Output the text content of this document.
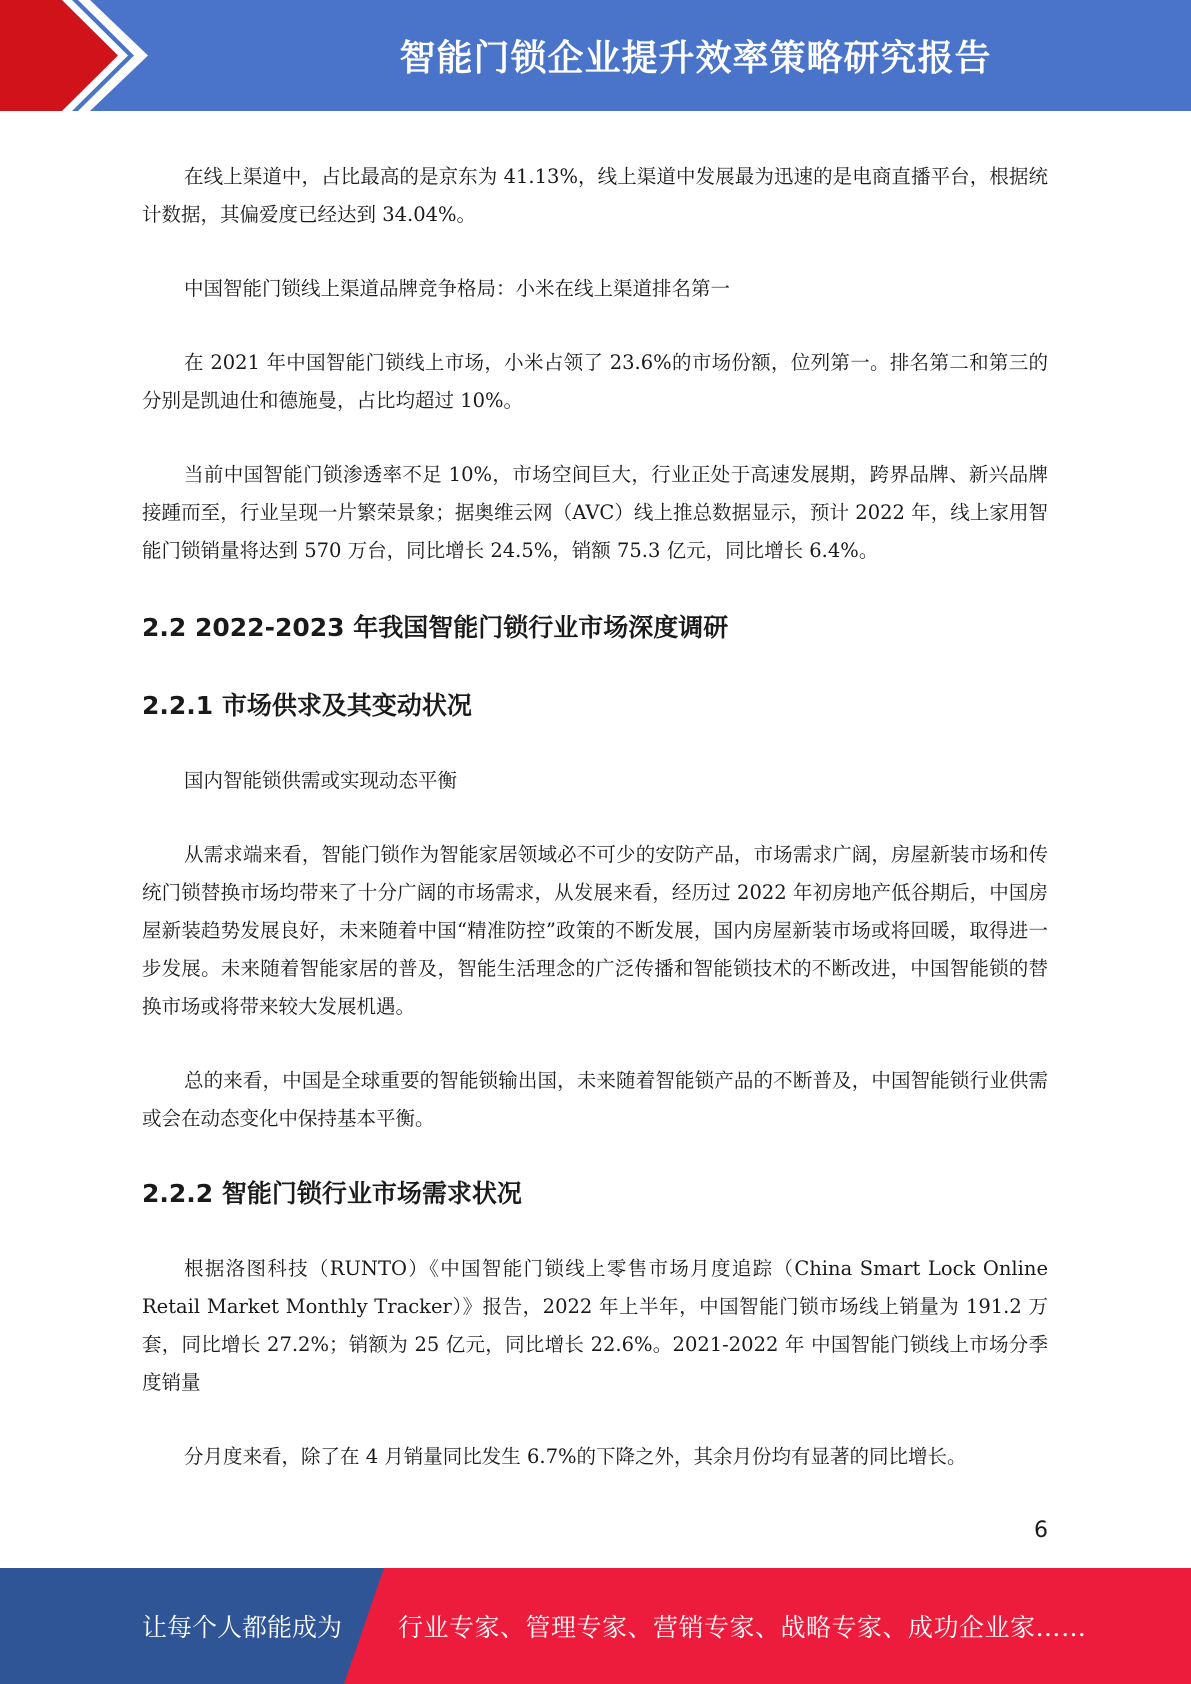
智能门锁企业提升效率策略研究报告

在线上渠道中，占比最高的是京东为 41.13%，线上渠道中发展最为迅速的是电商直播平台，根据统计数据，其偏爱度已经达到 34.04%。

中国智能门锁线上渠道品牌竞争格局：小米在线上渠道排名第一

在 2021 年中国智能门锁线上市场，小米占领了 23.6%的市场份额，位列第一。排名第二和第三的分别是凯迪仕和德施曼，占比均超过 10%。

当前中国智能门锁渗透率不足 10%，市场空间巨大，行业正处于高速发展期，跨界品牌、新兴品牌接踵而至，行业呈现一片繁荣景象；据奥维云网（AVC）线上推总数据显示，预计 2022 年，线上家用智能门锁销量将达到 570 万台，同比增长 24.5%，销额 75.3 亿元，同比增长 6.4%。

2.2 2022-2023 年我国智能门锁行业市场深度调研
2.2.1 市场供求及其变动状况

国内智能锁供需或实现动态平衡

从需求端来看，智能门锁作为智能家居领域必不可少的安防产品，市场需求广阔，房屋新装市场和传统门锁替换市场均带来了十分广阔的市场需求，从发展来看，经历过 2022 年初房地产低谷期后，中国房屋新装趋势发展良好，未来随着中国“精准防控”政策的不断发展，国内房屋新装市场或将回暖，取得进一步发展。未来随着智能家居的普及，智能生活理念的广泛传播和智能锁技术的不断改进，中国智能锁的替换市场或将带来较大发展机遇。

总的来看，中国是全球重要的智能锁输出国，未来随着智能锁产品的不断普及，中国智能锁行业供需或会在动态变化中保持基本平衡。

2.2.2 智能门锁行业市场需求状况

根据洛图科技（RUNTO）《中国智能门锁线上零售市场月度追踪（China Smart Lock Online Retail Market Monthly Tracker）》报告，2022 年上半年，中国智能门锁市场线上销量为 191.2 万套，同比增长 27.2%；销额为 25 亿元，同比增长 22.6%。2021-2022 年 中国智能门锁线上市场分季度销量

分月度来看，除了在 4 月销量同比发生 6.7%的下降之外，其余月份均有显著的同比增长。

6
让每个人都能成为 行业专家、管理专家、营销专家、战略专家、成功企业家……
